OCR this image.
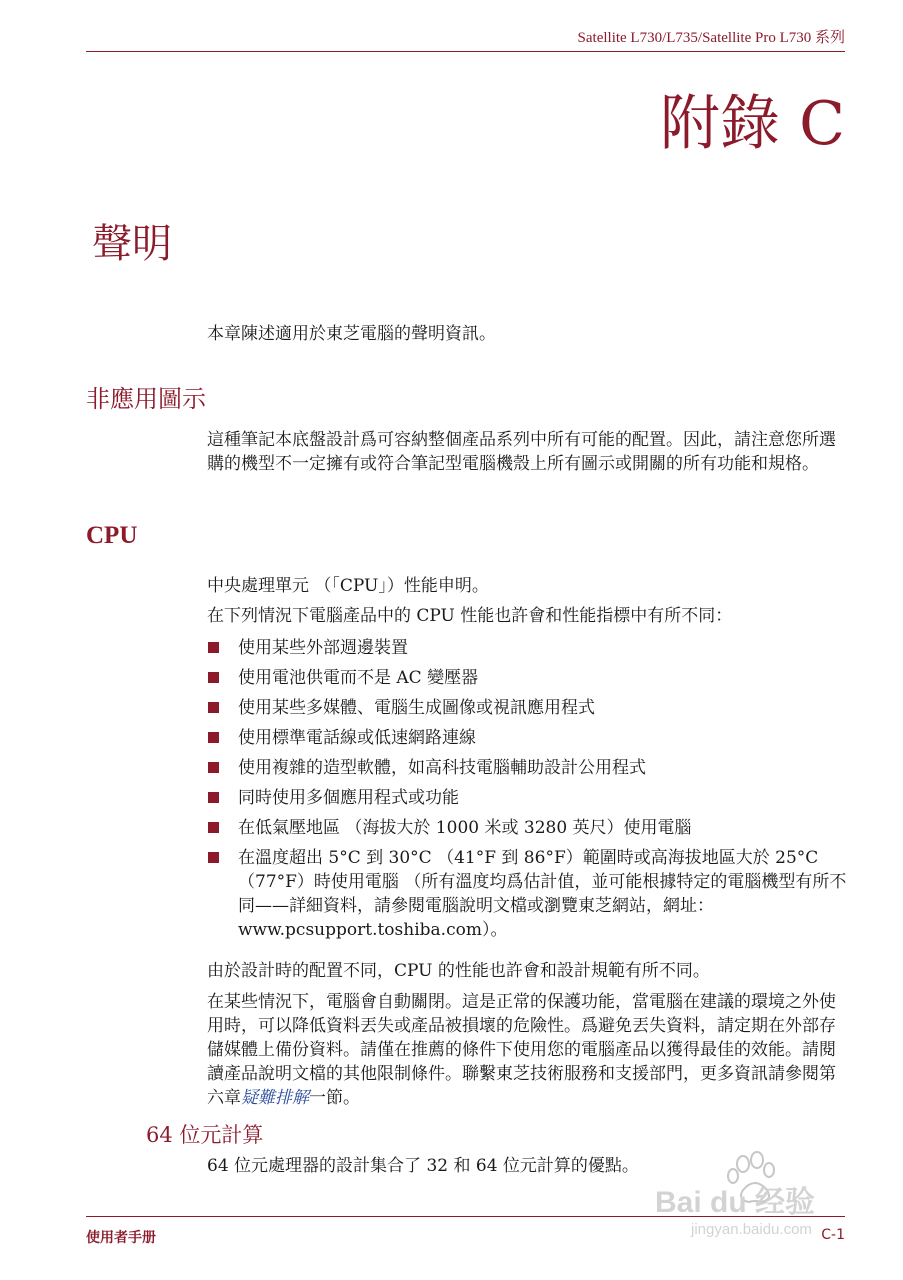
Satellite L730/L735/Satellite Pro L730 系列
附錄 C
聲明

本章陳述適用於東芝電腦的聲明資訊。

非應用圖示

這種筆記本底盤設計爲可容納整個產品系列中所有可能的配置。因此，請注意您所選購的機型不一定擁有或符合筆記型電腦機殼上所有圖示或開關的所有功能和規格。

CPU

中央處理單元 （「CPU」）性能申明。

在下列情況下電腦產品中的 CPU 性能也許會和性能指標中有所不同：

使用某些外部週邊裝置
使用電池供電而不是 AC 變壓器
使用某些多媒體、電腦生成圖像或視訊應用程式
使用標準電話線或低速網路連線
使用複雜的造型軟體，如高科技電腦輔助設計公用程式
同時使用多個應用程式或功能
在低氣壓地區 （海拔大於 1000 米或 3280 英尺）使用電腦
在溫度超出 5°C 到 30°C （41°F 到 86°F）範圍時或高海拔地區大於 25°C （77°F）時使用電腦 （所有溫度均爲估計值，並可能根據特定的電腦機型有所不同——詳細資料，請參閱電腦說明文檔或瀏覽東芝網站，網址：www.pcsupport.toshiba.com）。

由於設計時的配置不同，CPU 的性能也許會和設計規範有所不同。

在某些情況下，電腦會自動關閉。這是正常的保護功能，當電腦在建議的環境之外使用時，可以降低資料丟失或產品被損壞的危險性。爲避免丟失資料，請定期在外部存儲媒體上備份資料。請僅在推薦的條件下使用您的電腦產品以獲得最佳的效能。請閱讀產品說明文檔的其他限制條件。聯繫東芝技術服務和支援部門，更多資訊請參閱第六章疑難排解一節。

64 位元計算

64 位元處理器的設計集合了 32 和 64 位元計算的優點。

使用者手册	C-1
Bai du 经验
jingyan.baidu.com
